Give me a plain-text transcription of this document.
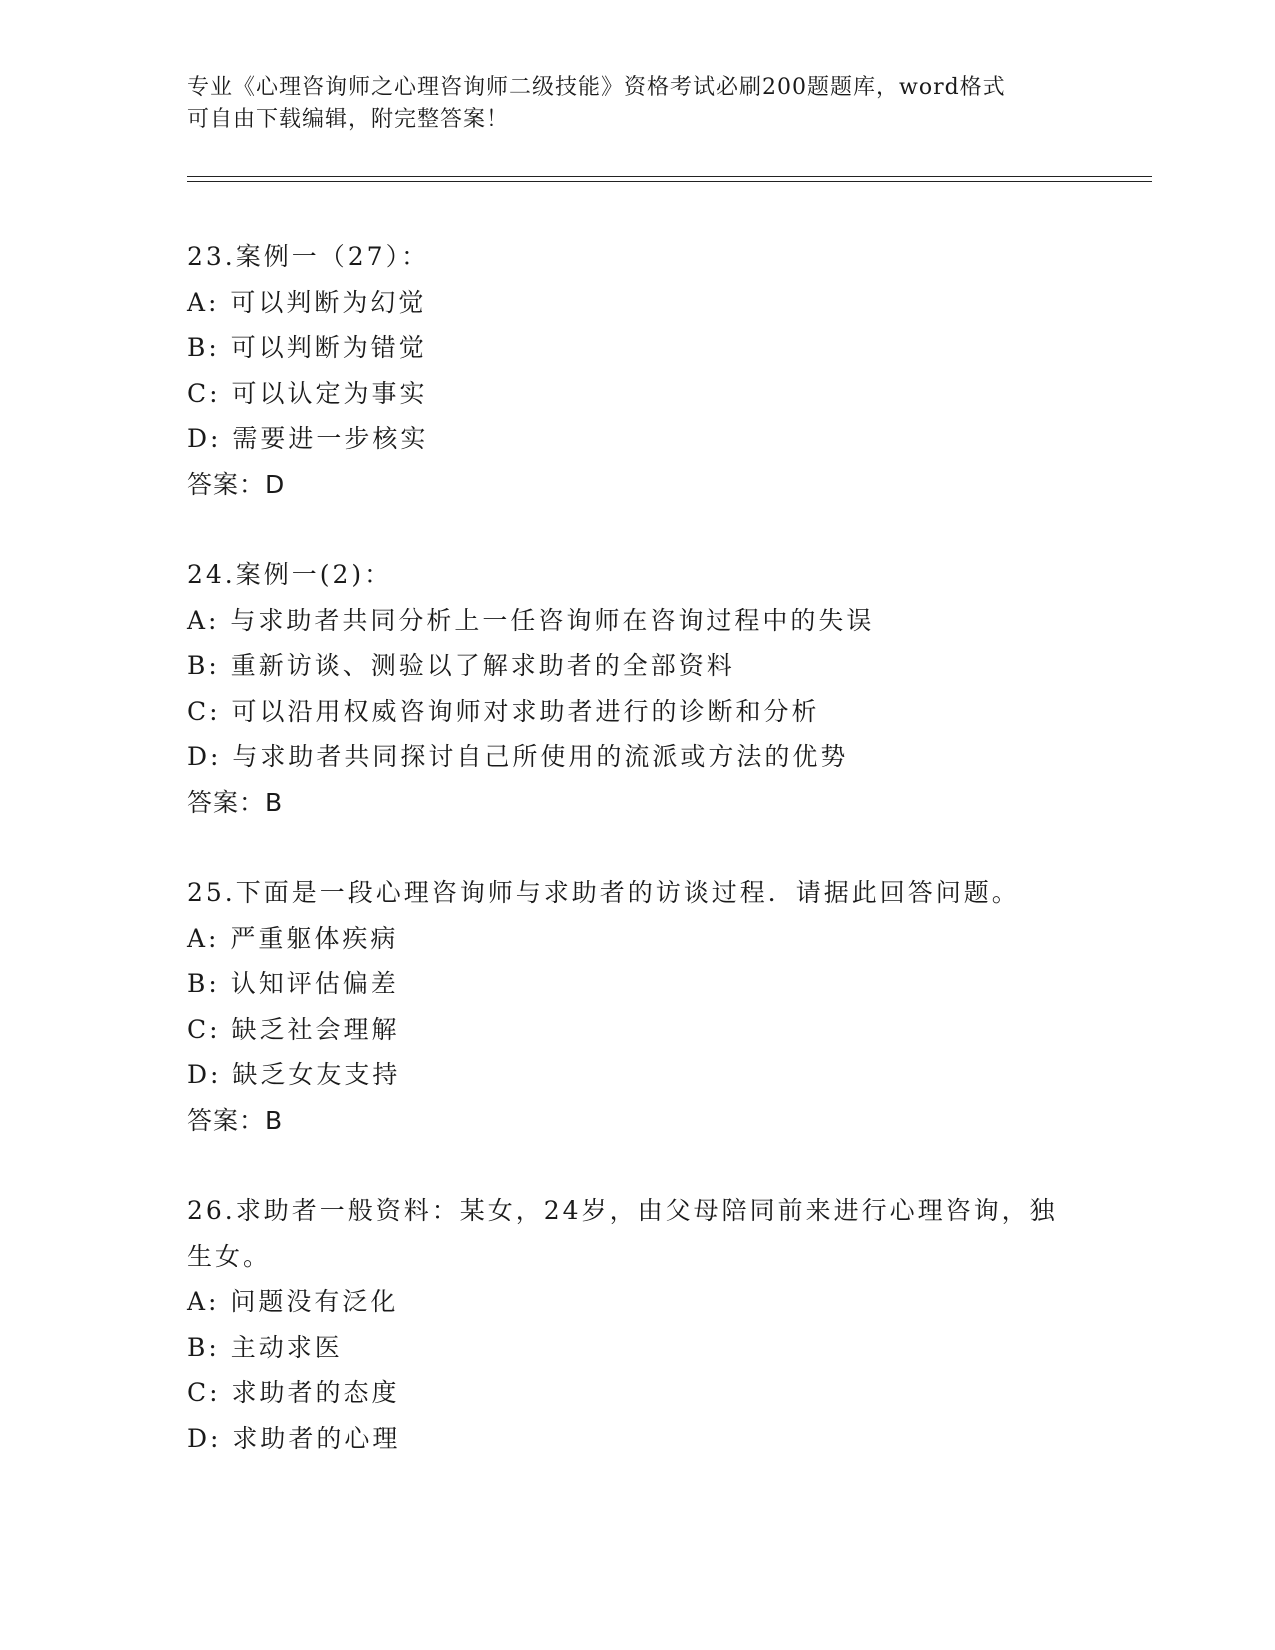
专业《心理咨询师之心理咨询师二级技能》资格考试必刷200题题库，word格式
可自由下载编辑，附完整答案！
23.案例一（27）：
A: 可以判断为幻觉
B: 可以判断为错觉
C: 可以认定为事实
D: 需要进一步核实
答案：D
24.案例一(2)：
A: 与求助者共同分析上一任咨询师在咨询过程中的失误
B: 重新访谈、测验以了解求助者的全部资料
C: 可以沿用权威咨询师对求助者进行的诊断和分析
D: 与求助者共同探讨自己所使用的流派或方法的优势
答案：B
25.下面是一段心理咨询师与求助者的访谈过程．请据此回答问题。
A: 严重躯体疾病
B: 认知评估偏差
C: 缺乏社会理解
D: 缺乏女友支持
答案：B
26.求助者一般资料：某女，24岁，由父母陪同前来进行心理咨询，独
生女。
A: 问题没有泛化
B: 主动求医
C: 求助者的态度
D: 求助者的心理
